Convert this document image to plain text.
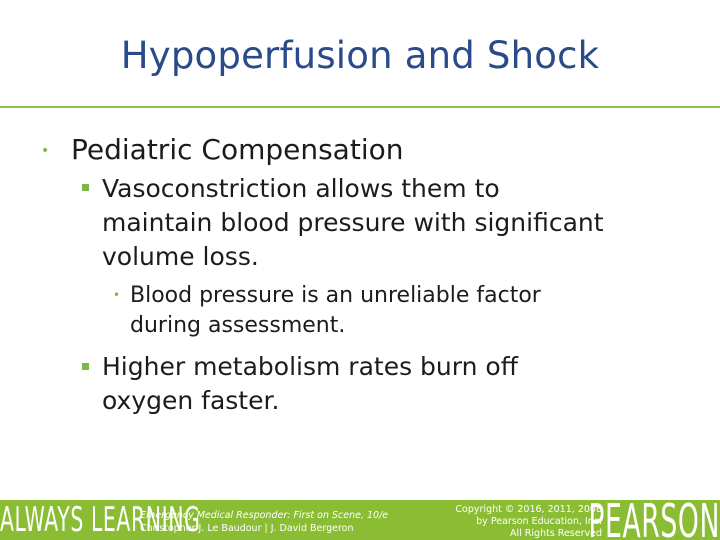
Hypoperfusion and Shock
• Pediatric Compensation
Vasoconstriction allows them to
maintain blood pressure with significant
volume loss.
• Blood pressure is an unreliable factor
during assessment.
Higher metabolism rates burn off
oxygen faster.
ALWAYS LEARNING
Emergency Medical Responder: First on Scene, 10/e
Christopher J. Le Baudour | J. David Bergeron
Copyright © 2016, 2011, 2008
by Pearson Education, Inc.
All Rights Reserved
PEARSON
